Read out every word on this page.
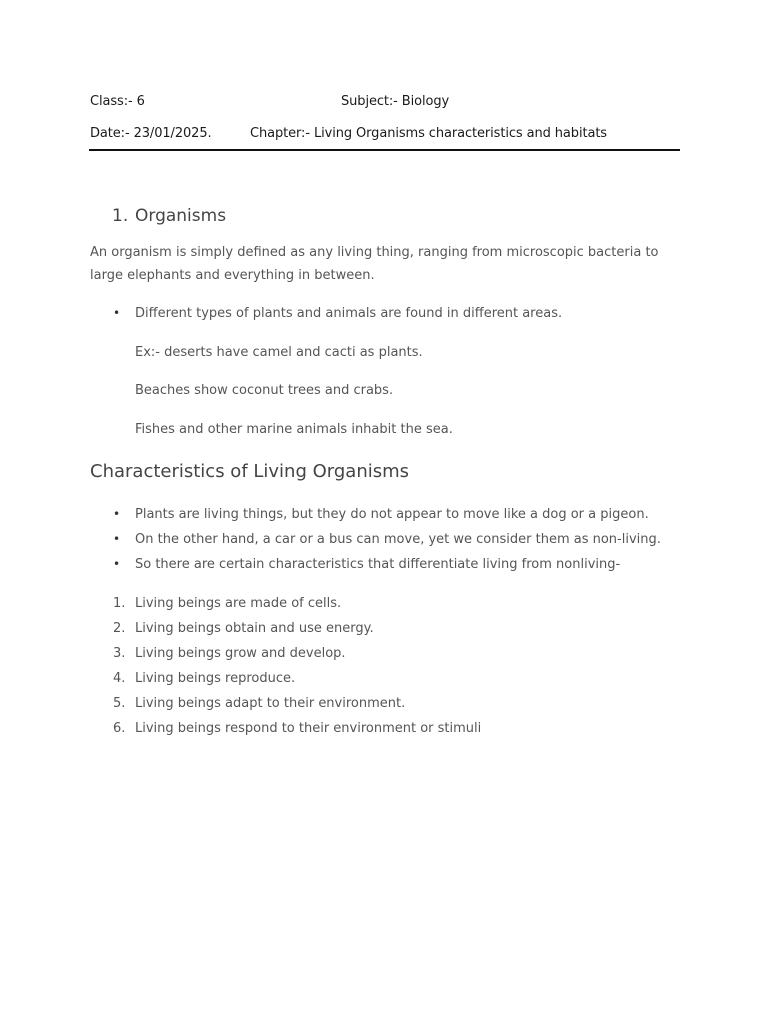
Class:- 6	Subject:- Biology
Date:- 23/01/2025.	Chapter:- Living Organisms characteristics and habitats
1. Organisms
An organism is simply defined as any living thing, ranging from microscopic bacteria to large elephants and everything in between.
• Different types of plants and animals are found in different areas.
Ex:- deserts have camel and cacti as plants.
Beaches show coconut trees and crabs.
Fishes and other marine animals inhabit the sea.
Characteristics of Living Organisms
• Plants are living things, but they do not appear to move like a dog or a pigeon.
• On the other hand, a car or a bus can move, yet we consider them as non-living.
• So there are certain characteristics that differentiate living from nonliving-
1. Living beings are made of cells.
2. Living beings obtain and use energy.
3. Living beings grow and develop.
4. Living beings reproduce.
5. Living beings adapt to their environment.
6. Living beings respond to their environment or stimuli
